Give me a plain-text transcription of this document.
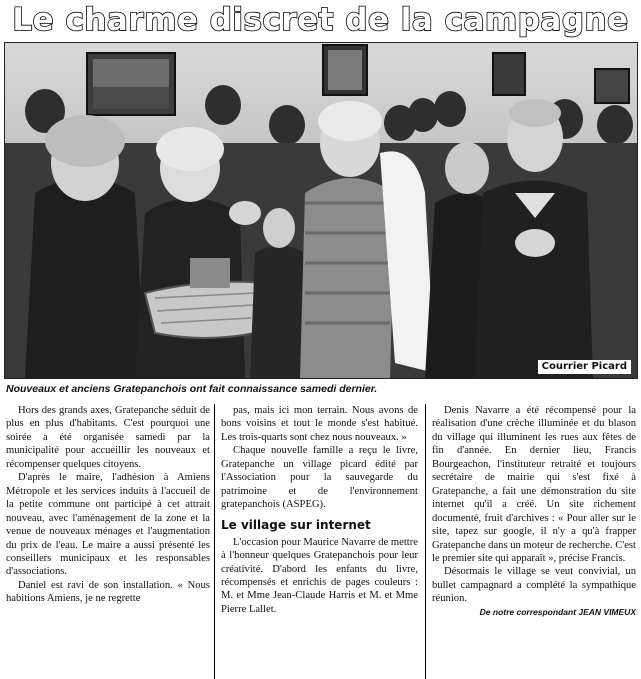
Le charme discret de la campagne
Courrier Picard
Nouveaux et anciens Gratepanchois ont fait connaissance samedi dernier.

Hors des grands axes, Gratepanche séduit de plus en plus d'habitants. C'est pourquoi une soirée a été organisée samedi par la municipalité pour accueillir les nouveaux et récompenser quelques citoyens.

D'après le maire, l'adhésion à Amiens Métropole et les services induits à l'accueil de la petite commune ont participé à cet attrait nouveau, avec l'aménagement de la zone et la venue de nouveaux ménages et l'augmentation du prix de l'eau. Le maire a aussi présenté les conseillers municipaux et les responsables d'associations.

Daniel est ravi de son installation. « Nous habitions Amiens, je ne regrette

pas, mais ici mon terrain. Nous avons de bons voisins et tout le monde s'est habitué. Les trois-quarts sont chez nous nouveaux. »

Chaque nouvelle famille a reçu le livre, Gratepanche un village picard édité par l'Association pour la sauvegarde du patrimoine et de l'environnement gratepanchois (ASPEG).

Le village sur internet

L'occasion pour Maurice Navarre de mettre à l'honneur quelques Gratepanchois pour leur créativité. D'abord les enfants du livre, récompensés et enrichis de pages couleurs : M. et Mme Jean-Claude Harris et M. et Mme Pierre Lallet.

Denis Navarre a été récompensé pour la réalisation d'une crèche illuminée et du blason du village qui illuminent les rues aux fêtes de fin d'année. En dernier lieu, Francis Bourgeachon, l'instituteur retraité et toujours secrétaire de mairie qui s'est fixé à Gratepanche, a fait une démonstration du site internet qu'il a créé. Un site richement documenté, fruit d'archives : « Pour aller sur le site, tapez sur google, il n'y a qu'à frapper Gratepanche dans un moteur de recherche. C'est le premier site qui apparaît », précise Francis.

Désormais le village se veut convivial, un bullet campagnard a complété la sympathique réunion.

De notre correspondant JEAN VIMEUX
